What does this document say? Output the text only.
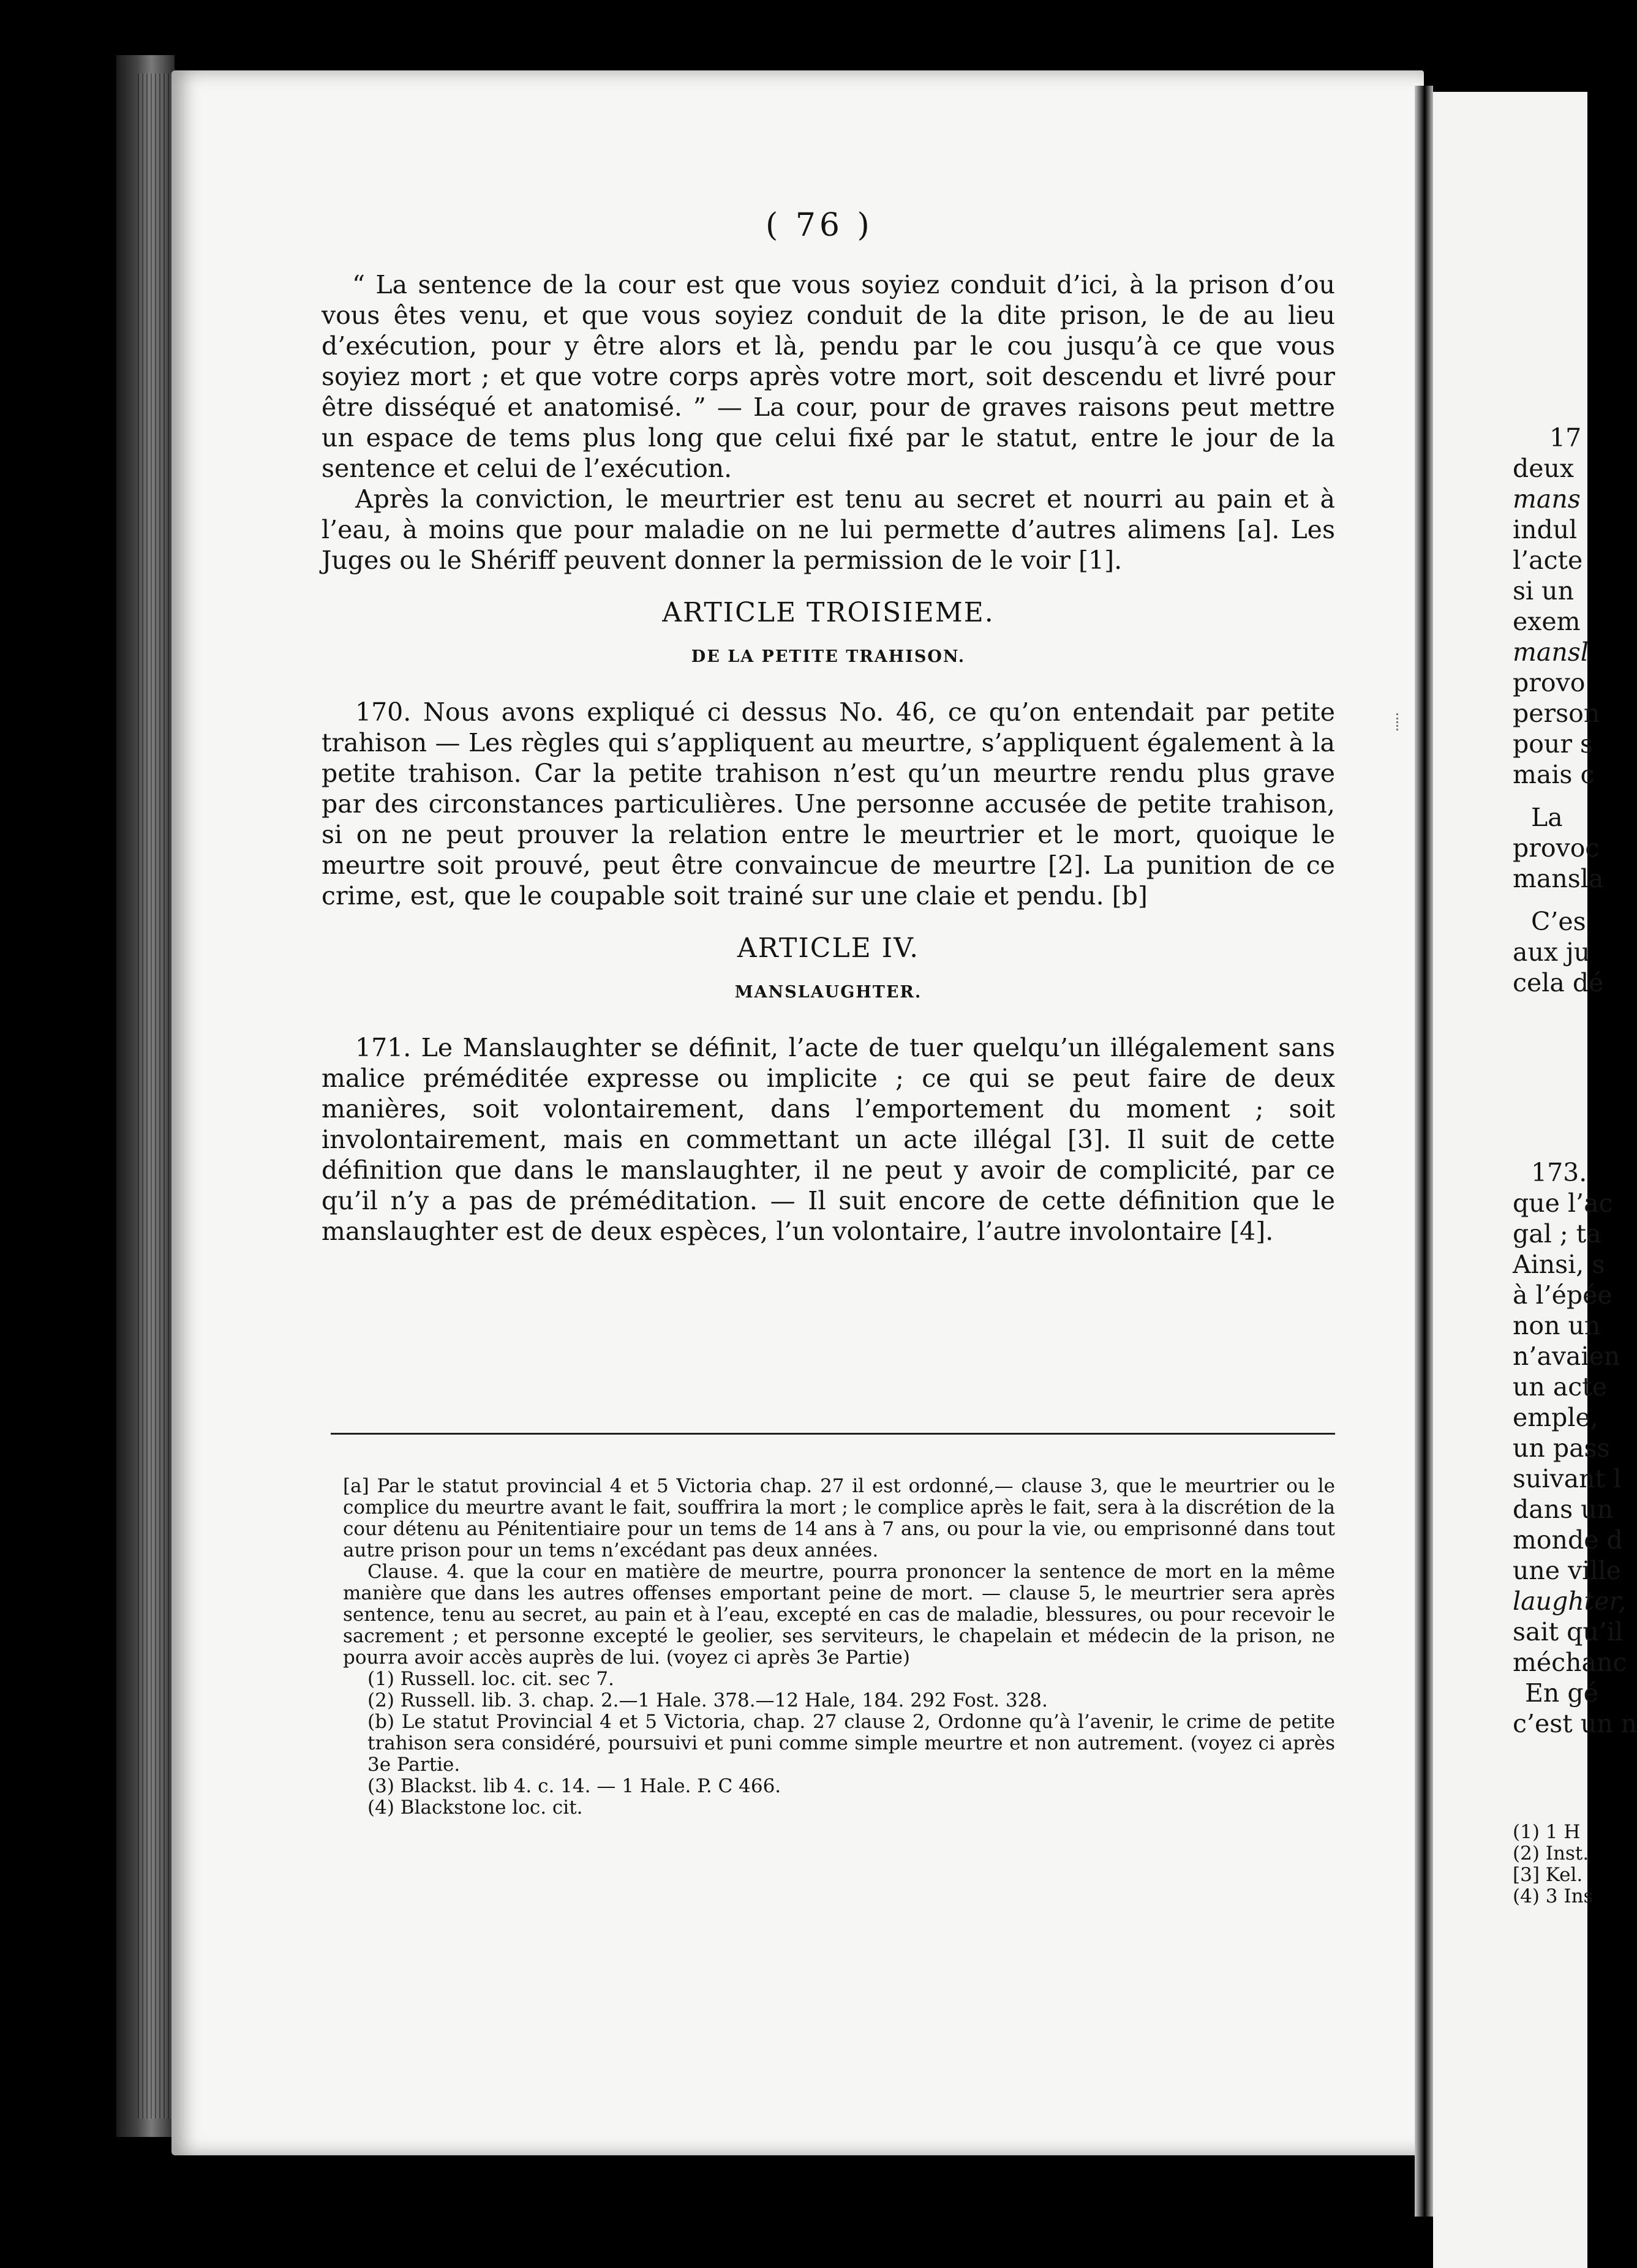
( 76 )

“ La sentence de la cour est que vous soyiez conduit d’ici, à la prison d’ou vous êtes venu, et que vous soyiez conduit de la dite prison, le de au lieu d’exécution, pour y être alors et là, pendu par le cou jusqu’à ce que vous soyiez mort ; et que votre corps après votre mort, soit descendu et livré pour être disséqué et anatomisé. ” — La cour, pour de graves raisons peut mettre un espace de tems plus long que celui fixé par le statut, entre le jour de la sentence et celui de l’exécution.

Après la conviction, le meurtrier est tenu au secret et nourri au pain et à l’eau, à moins que pour maladie on ne lui permette d’autres alimens [a]. Les Juges ou le Shériff peuvent donner la permission de le voir [1].

ARTICLE TROISIEME.
DE LA PETITE TRAHISON.

170. Nous avons expliqué ci dessus No. 46, ce qu’on entendait par petite trahison — Les règles qui s’appliquent au meurtre, s’appliquent également à la petite trahison. Car la petite trahison n’est qu’un meurtre rendu plus grave par des circonstances particulières. Une personne accusée de petite trahison, si on ne peut prouver la relation entre le meurtrier et le mort, quoique le meurtre soit prouvé, peut être convaincue de meurtre [2]. La punition de ce crime, est, que le coupable soit trainé sur une claie et pendu. [b]

ARTICLE IV.
MANSLAUGHTER.

171. Le Manslaughter se définit, l’acte de tuer quelqu’un illégalement sans malice préméditée expresse ou implicite ; ce qui se peut faire de deux manières, soit volontairement, dans l’emportement du moment ; soit involontairement, mais en commettant un acte illégal [3]. Il suit de cette définition que dans le manslaughter, il ne peut y avoir de complicité, par ce qu’il n’y a pas de préméditation. — Il suit encore de cette définition que le manslaughter est de deux espèces, l’un volontaire, l’autre involontaire [4].

[a] Par le statut provincial 4 et 5 Victoria chap. 27 il est ordonné,— clause 3, que le meurtrier ou le complice du meurtre avant le fait, souffrira la mort ; le complice après le fait, sera à la discrétion de la cour détenu au Pénitentiaire pour un tems de 14 ans à 7 ans, ou pour la vie, ou emprisonné dans tout autre prison pour un tems n’excédant pas deux années.

Clause. 4. que la cour en matière de meurtre, pourra prononcer la sentence de mort en la même manière que dans les autres offenses emportant peine de mort. — clause 5, le meurtrier sera après sentence, tenu au secret, au pain et à l’eau, excepté en cas de maladie, blessures, ou pour recevoir le sacrement ; et personne excepté le geolier, ses serviteurs, le chapelain et médecin de la prison, ne pourra avoir accès auprès de lui. (voyez ci après 3e Partie)

(1) Russell. loc. cit. sec 7.

(2) Russell. lib. 3. chap. 2.—1 Hale. 378.—12 Hale, 184. 292 Fost. 328.

(b) Le statut Provincial 4 et 5 Victoria, chap. 27 clause 2, Ordonne qu’à l’avenir, le crime de petite trahison sera considéré, poursuivi et puni comme simple meurtre et non autrement. (voyez ci après 3e Partie.

(3) Blackst. lib 4. c. 14. — 1 Hale. P. C 466.

(4) Blackstone loc. cit.

17
deux
mans
indul
l’acte
si un
exem
mansl
provo
person
pour s
mais c
La
provoc
mansla
C’es
aux ju
cela dé
173.
que l’ac
gal ; ta
Ainsi, s
à l’épée
non un
n’avaien
un acte
emple,
un pass
suivant l
dans un
monde d
une ville
laughter,
sait qu’il
méchanc
En gé
c’est un n
(1) 1 H
(2) Inst.
[3] Kel.
(4) 3 Ins
